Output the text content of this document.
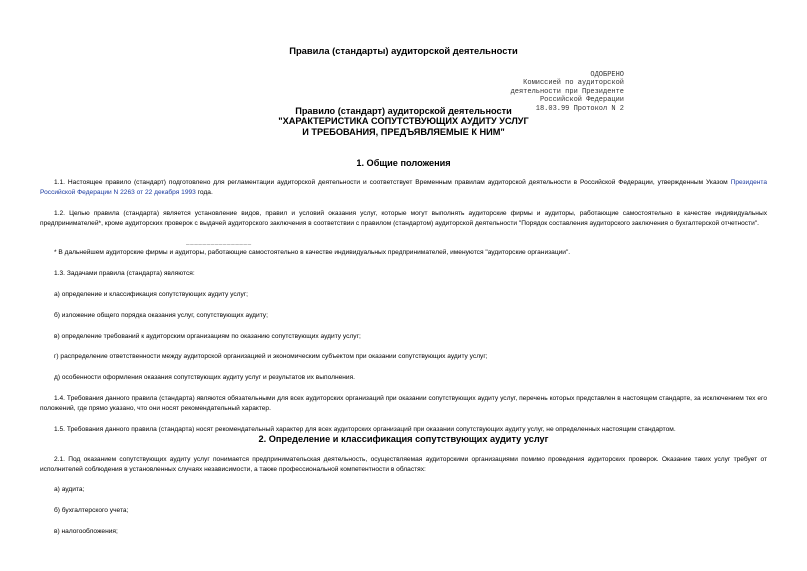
Правила (стандарты) аудиторской деятельности
ОДОБРЕНО
Комиссией по аудиторской
деятельности при Президенте
Российской Федерации
18.03.99 Протокол N 2
Правило (стандарт) аудиторской деятельности
"ХАРАКТЕРИСТИКА СОПУТСТВУЮЩИХ АУДИТУ УСЛУГ
И ТРЕБОВАНИЯ, ПРЕДЪЯВЛЯЕМЫЕ К НИМ"
1. Общие положения
1.1. Настоящее правило (стандарт) подготовлено для регламентации аудиторской деятельности и соответствует Временным правилам аудиторской деятельности в Российской Федерации, утвержденным Указом Президента Российской Федерации N 2263 от 22 декабря 1993 года.
1.2. Целью правила (стандарта) является установление видов, правил и условий оказания услуг, которые могут выполнять аудиторские фирмы и аудиторы, работающие самостоятельно в качестве индивидуальных предпринимателей*, кроме аудиторских проверок с выдачей аудиторского заключения в соответствии с правилом (стандартом) аудиторской деятельности "Порядок составления аудиторского заключения о бухгалтерской отчетности".
________________
* В дальнейшем аудиторские фирмы и аудиторы, работающие самостоятельно в качестве индивидуальных предпринимателей, именуются "аудиторские организации".
1.3. Задачами правила (стандарта) являются:
а) определение и классификация сопутствующих аудиту услуг;
б) изложение общего порядка оказания услуг, сопутствующих аудиту;
в) определение требований к аудиторским организациям по оказанию сопутствующих аудиту услуг;
г) распределение ответственности между аудиторской организацией и экономическим субъектом при оказании сопутствующих аудиту услуг;
д) особенности оформления оказания сопутствующих аудиту услуг и результатов их выполнения.
1.4. Требования данного правила (стандарта) являются обязательными для всех аудиторских организаций при оказании сопутствующих аудиту услуг, перечень которых представлен в настоящем стандарте, за исключением тех его положений, где прямо указано, что они носят рекомендательный характер.
1.5. Требования данного правила (стандарта) носят рекомендательный характер для всех аудиторских организаций при оказании сопутствующих аудиту услуг, не определенных настоящим стандартом.
2. Определение и классификация сопутствующих аудиту услуг
2.1. Под оказанием сопутствующих аудиту услуг понимается предпринимательская деятельность, осуществляемая аудиторскими организациями помимо проведения аудиторских проверок. Оказание таких услуг требует от исполнителей соблюдения в установленных случаях независимости, а также профессиональной компетентности в областях:
а) аудита;
б) бухгалтерского учета;
в) налогообложения;
